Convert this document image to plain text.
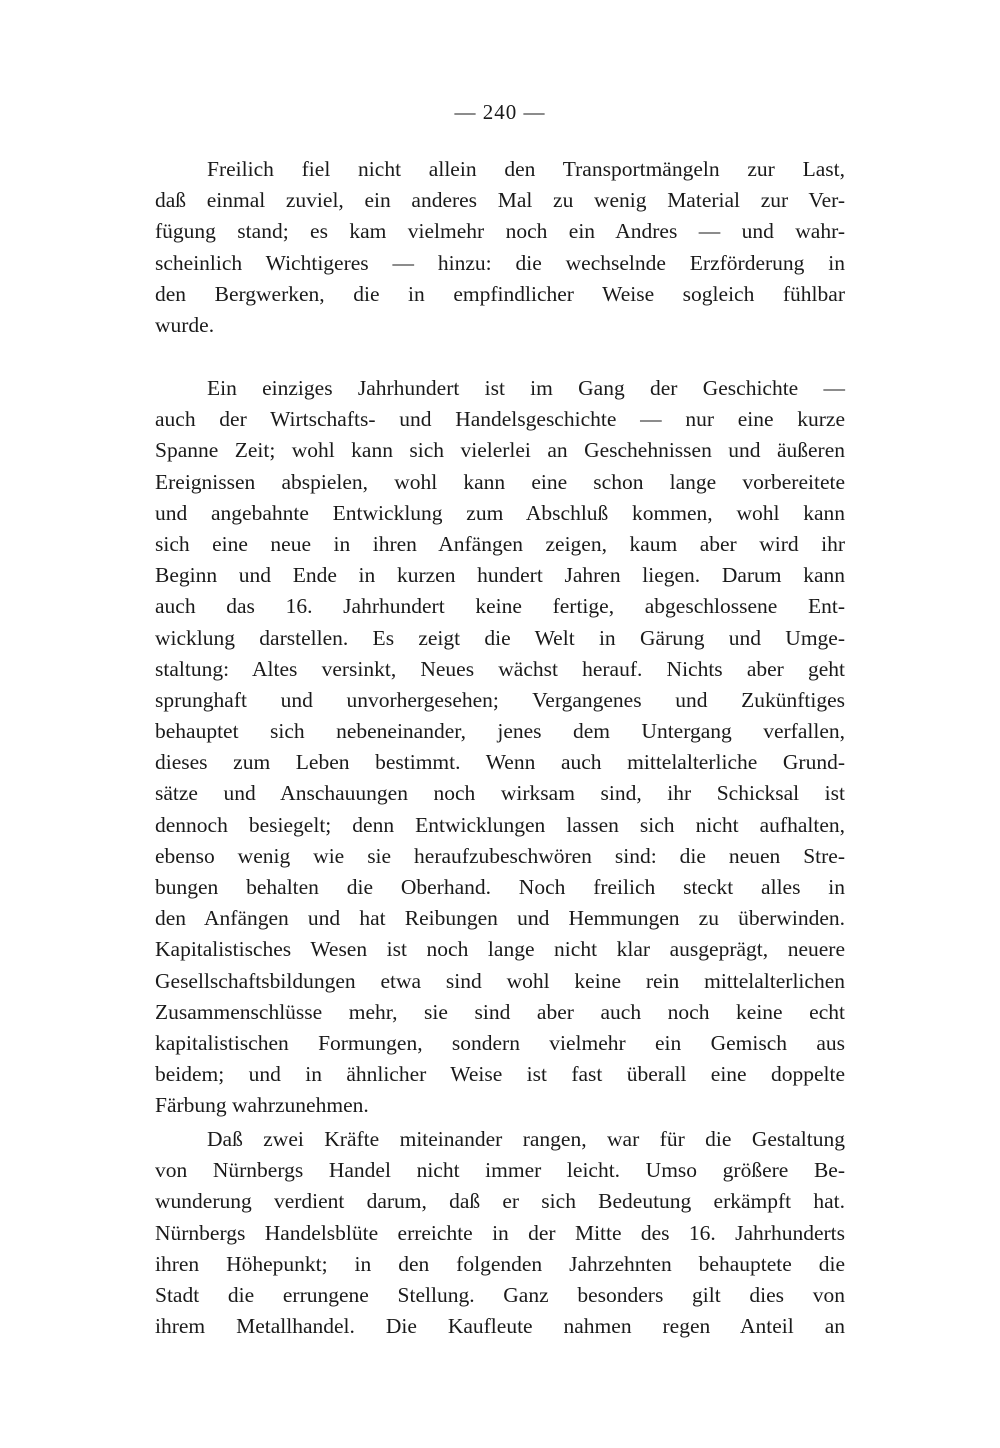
— 240 —
Freilich fiel nicht allein den Transportmängeln zur Last,
daß einmal zuviel, ein anderes Mal zu wenig Material zur Ver-
fügung stand; es kam vielmehr noch ein Andres — und wahr-
scheinlich Wichtigeres — hinzu: die wechselnde Erzförderung in
den Bergwerken, die in empfindlicher Weise sogleich fühlbar
wurde.
Ein einziges Jahrhundert ist im Gang der Geschichte —
auch der Wirtschafts- und Handelsgeschichte — nur eine kurze
Spanne Zeit; wohl kann sich vielerlei an Geschehnissen und äußeren
Ereignissen abspielen, wohl kann eine schon lange vorbereitete
und angebahnte Entwicklung zum Abschluß kommen, wohl kann
sich eine neue in ihren Anfängen zeigen, kaum aber wird ihr
Beginn und Ende in kurzen hundert Jahren liegen. Darum kann
auch das 16. Jahrhundert keine fertige, abgeschlossene Ent-
wicklung darstellen. Es zeigt die Welt in Gärung und Umge-
staltung: Altes versinkt, Neues wächst herauf. Nichts aber geht
sprunghaft und unvorhergesehen; Vergangenes und Zukünftiges
behauptet sich nebeneinander, jenes dem Untergang verfallen,
dieses zum Leben bestimmt. Wenn auch mittelalterliche Grund-
sätze und Anschauungen noch wirksam sind, ihr Schicksal ist
dennoch besiegelt; denn Entwicklungen lassen sich nicht aufhalten,
ebenso wenig wie sie heraufzubeschwören sind: die neuen Stre-
bungen behalten die Oberhand. Noch freilich steckt alles in
den Anfängen und hat Reibungen und Hemmungen zu überwinden.
Kapitalistisches Wesen ist noch lange nicht klar ausgeprägt, neuere
Gesellschaftsbildungen etwa sind wohl keine rein mittelalterlichen
Zusammenschlüsse mehr, sie sind aber auch noch keine echt
kapitalistischen Formungen, sondern vielmehr ein Gemisch aus
beidem; und in ähnlicher Weise ist fast überall eine doppelte
Färbung wahrzunehmen.
Daß zwei Kräfte miteinander rangen, war für die Gestaltung
von Nürnbergs Handel nicht immer leicht. Umso größere Be-
wunderung verdient darum, daß er sich Bedeutung erkämpft hat.
Nürnbergs Handelsblüte erreichte in der Mitte des 16. Jahrhunderts
ihren Höhepunkt; in den folgenden Jahrzehnten behauptete die
Stadt die errungene Stellung. Ganz besonders gilt dies von
ihrem Metallhandel. Die Kaufleute nahmen regen Anteil an
